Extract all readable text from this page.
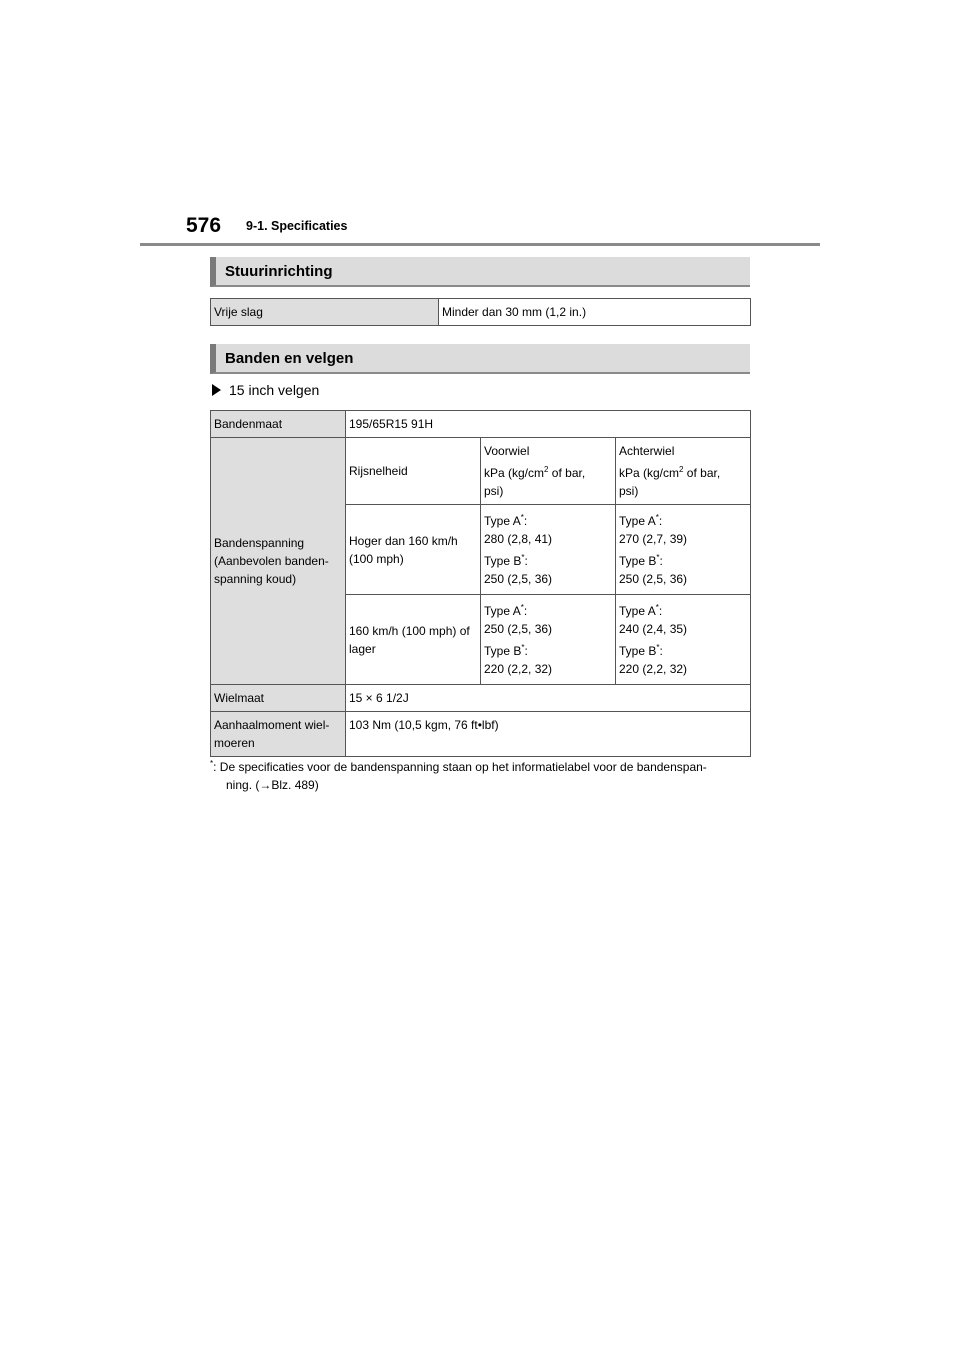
576 9-1. Specificaties
Stuurinrichting
Vrije slag	Minder dan 30 mm (1,2 in.)
Banden en velgen
15 inch velgen
Bandenmaat	195/65R15 91H		

Bandenspanning
(Aanbevolen banden-
spanning koud)	Rijsnelheid	Voorwiel
kPa ($kg/cm^2$ of bar,
psi)	Achterwiel
kPa ($kg/cm^2$ of bar,
psi)

	Hoger dan 160 km/h
(100 mph)	Type A*:
280 (2,8, 41)
Type B*:
250 (2,5, 36)	Type A*:
270 (2,7, 39)
Type B*:
250 (2,5, 36)

	160 km/h (100 mph) of
lager	Type A*:
250 (2,5, 36)
Type B*:
220 (2,2, 32)	Type A*:
240 (2,4, 35)
Type B*:
220 (2,2, 32)

Wielmaat	15 × 6 1/2J		

Aanhaalmoment wiel-
moeren	103 Nm (10,5 kgm, 76 ft•lbf)		
*: De specificaties voor de bandenspanning staan op het informatielabel voor de bandenspan-
ning. (→Blz. 489)
